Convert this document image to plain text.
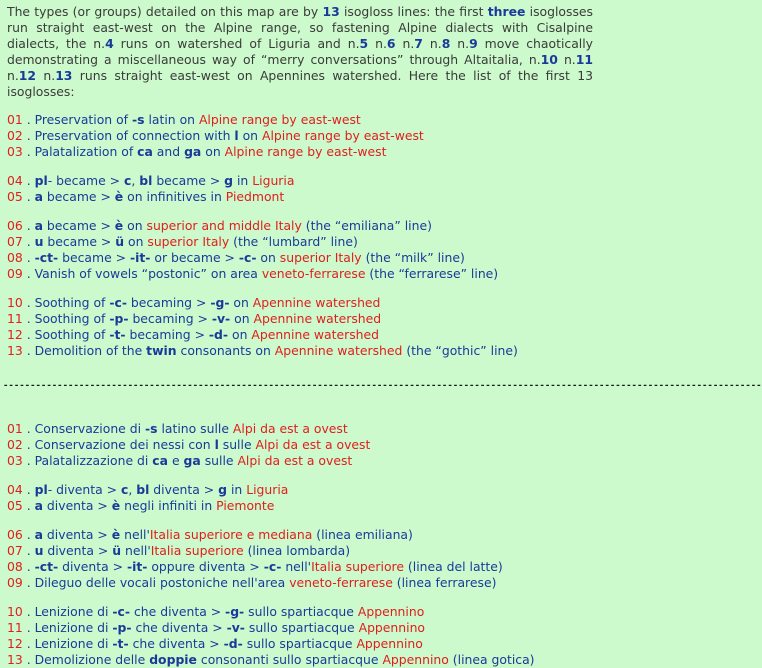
The types (or groups) detailed on this map are by 13 isogloss lines: the first three isoglosses run straight east-west on the Alpine range, so fastening Alpine dialects with Cisalpine dialects, the n.4 runs on watershed of Liguria and n.5 n.6 n.7 n.8 n.9 move chaotically demonstrating a miscellaneous way of “merry conversations” through Altaitalia, n.10 n.11 n.12 n.13 runs straight east-west on Apennines watershed. Here the list of the first 13 isoglosses:

01 . Preservation of -s latin on Alpine range by east-west
02 . Preservation of connection with l on Alpine range by east-west
03 . Palatalization of ca and ga on Alpine range by east-west
04 . pl- became > c, bl became > g in Liguria
05 . a became > è on infinitives in Piedmont
06 . a became > è on superior and middle Italy (the “emiliana” line)
07 . u became > ü on superior Italy (the “lumbard” line)
08 . -ct- became > -it- or became > -c- on superior Italy (the “milk” line)
09 . Vanish of vowels “postonic” on area veneto-ferrarese (the “ferrarese” line)
10 . Soothing of -c- becaming > -g- on Apennine watershed
11 . Soothing of -p- becaming > -v- on Apennine watershed
12 . Soothing of -t- becaming > -d- on Apennine watershed
13 . Demolition of the twin consonants on Apennine watershed (the “gothic” line)
--------------------------------------------------------------------------------------------------------------------------------------------
01 . Conservazione di -s latino sulle Alpi da est a ovest
02 . Conservazione dei nessi con l sulle Alpi da est a ovest
03 . Palatalizzazione di ca e ga sulle Alpi da est a ovest
04 . pl- diventa > c, bl diventa > g in Liguria
05 . a diventa > è negli infiniti in Piemonte
06 . a diventa > è nell'Italia superiore e mediana (linea emiliana)
07 . u diventa > ü nell'Italia superiore (linea lombarda)
08 . -ct- diventa > -it- oppure diventa > -c- nell'Italia superiore (linea del latte)
09 . Dileguo delle vocali postoniche nell'area veneto-ferrarese (linea ferrarese)
10 . Lenizione di -c- che diventa > -g- sullo spartiacque Appennino
11 . Lenizione di -p- che diventa > -v- sullo spartiacque Appennino
12 . Lenizione di -t- che diventa > -d- sullo spartiacque Appennino
13 . Demolizione delle doppie consonanti sullo spartiacque Appennino (linea gotica)
